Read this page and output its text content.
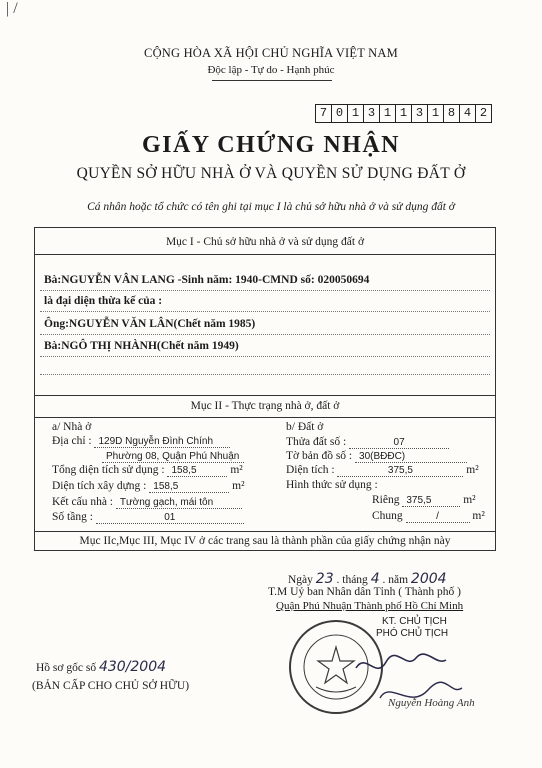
| /
CỘNG HÒA XÃ HỘI CHỦ NGHĨA VIỆT NAM
Độc lập - Tự do - Hạnh phúc
7 0 1 3 1 1 3 1 8 4 2
GIẤY CHỨNG NHẬN
QUYỀN SỞ HỮU NHÀ Ở VÀ QUYỀN SỬ DỤNG ĐẤT Ở
Cá nhân hoặc tổ chức có tên ghi tại mục I là chủ sở hữu nhà ở và sử dụng đất ở
Mục I - Chủ sở hữu nhà ở và sử dụng đất ở
Bà:NGUYỄN VÂN LANG -Sinh năm: 1940-CMND số: 020050694
là đại diện thừa kế của :
Ông:NGUYỄN VĂN LÂN(Chết năm 1985)
Bà:NGÔ THỊ NHÀNH(Chết năm 1949)
Mục II - Thực trạng nhà ở, đất ở
a/ Nhà ở
Địa chỉ : 129D Nguyễn Đình Chính
Phường 08, Quận Phú Nhuận
Tổng diện tích sử dụng : 158,5	m²
Diện tích xây dựng : 158,5	m²
Kết cấu nhà : Tường gạch, mái tôn
Số tầng :	01
b/ Đất ở
Thửa đất số :	07
Tờ bản đồ số : 30(BĐĐC)
Diện tích :	375,5	m²
Hình thức sử dụng :
Riêng 375,5	m²
Chung	/	m²
Mục IIc,Mục III, Mục IV ở các trang sau là thành phần của giấy chứng nhận này
Ngày 23 . tháng 4 . năm 2004
T.M Uỷ ban Nhân dân Tỉnh ( Thành phố )
Quận Phú Nhuận Thành phố Hồ Chí Minh
KT. CHỦ TỊCH
PHÓ CHỦ TỊCH
Nguyễn Hoàng Anh
Hồ sơ gốc số 430/2004
(BẢN CẤP CHO CHỦ SỞ HỮU)
